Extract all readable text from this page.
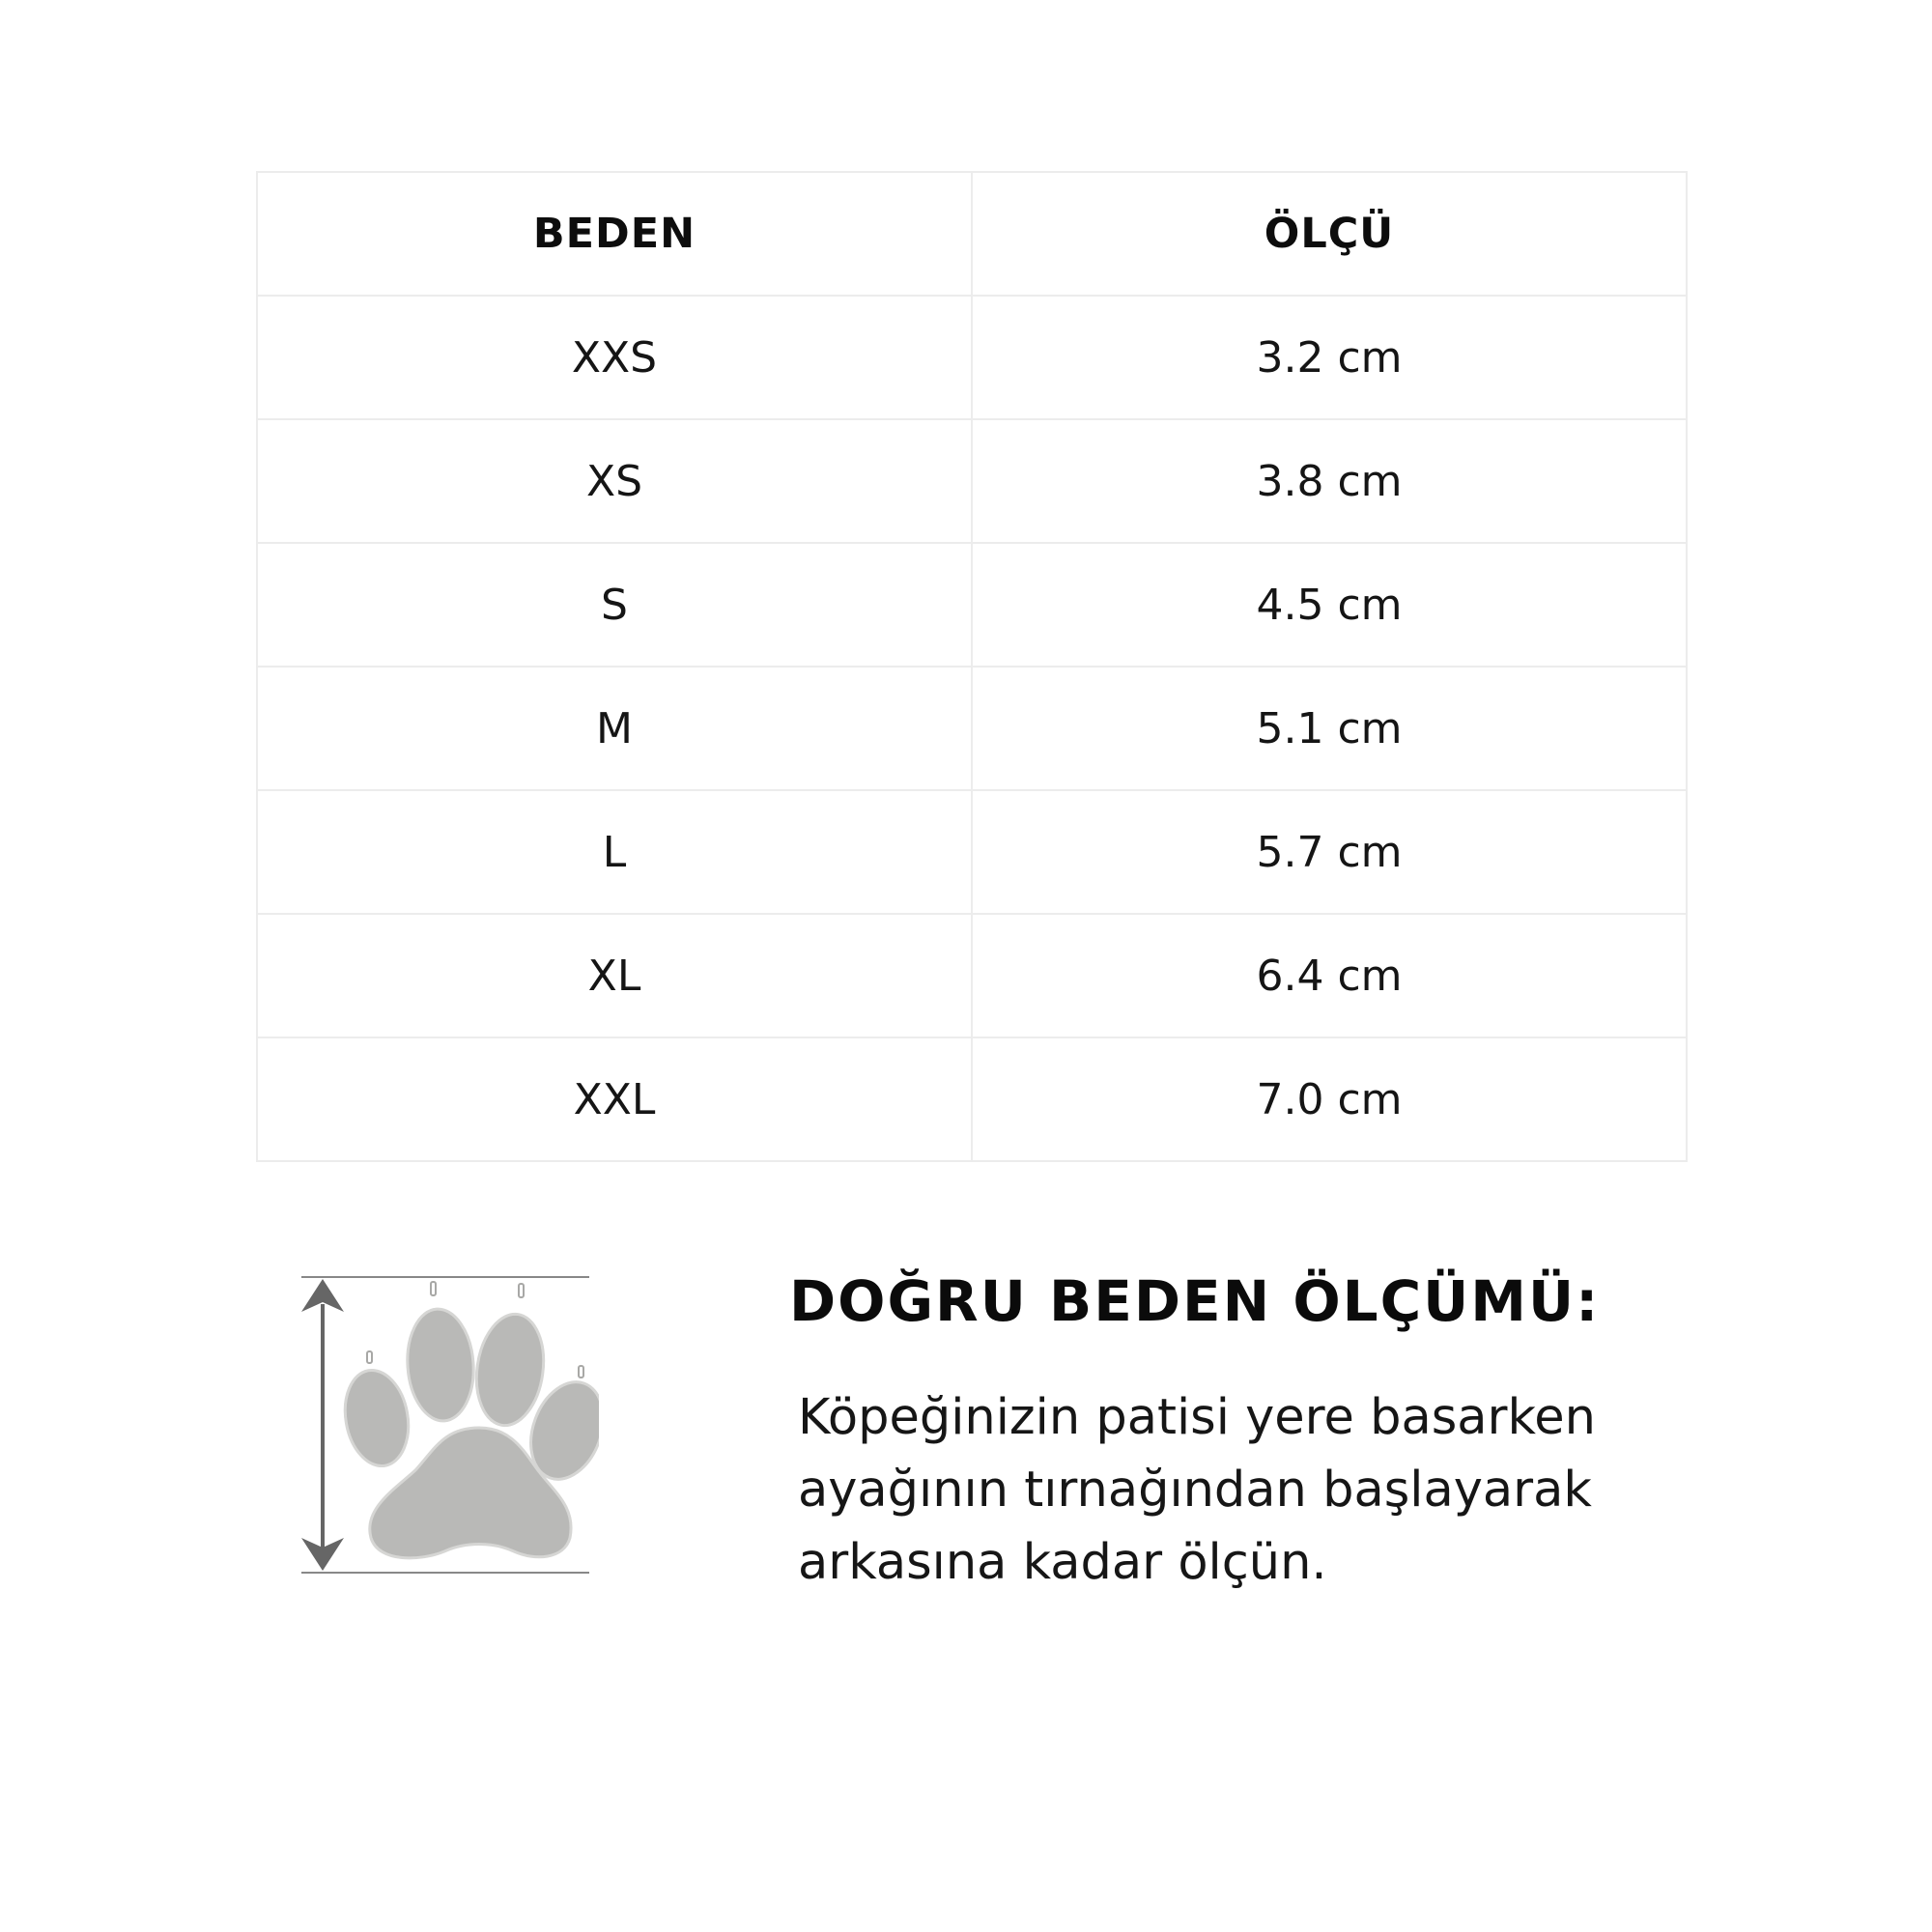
BEDEN	ÖLÇÜ
XXS	3.2 cm
XS	3.8 cm
S	4.5 cm
M	5.1 cm
L	5.7 cm
XL	6.4 cm
XXL	7.0 cm
DOĞRU BEDEN ÖLÇÜMÜ:
Köpeğinizin patisi yere basarken
ayağının tırnağından başlayarak
arkasına kadar ölçün.
